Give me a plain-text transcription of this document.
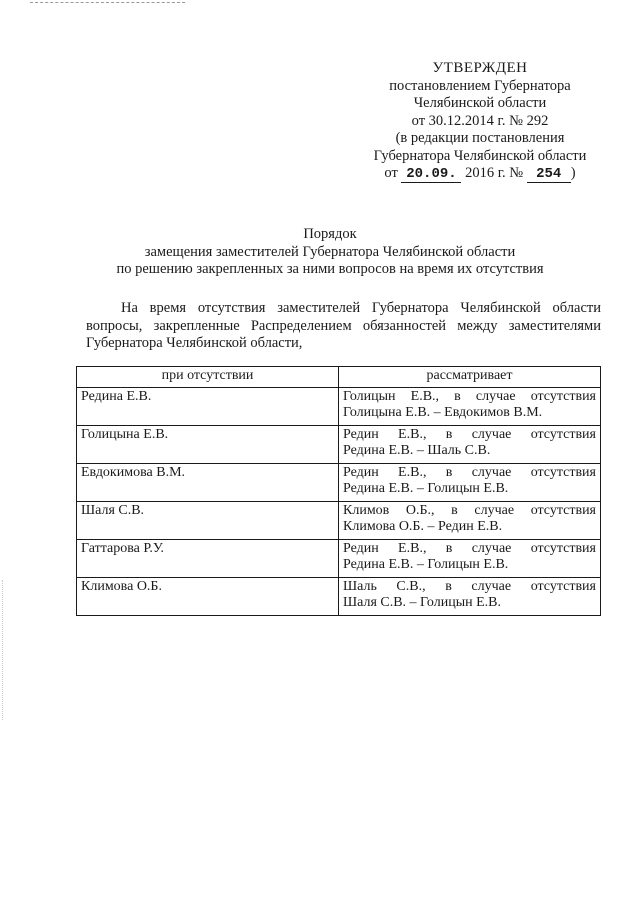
УТВЕРЖДЕН
постановлением Губернатора
Челябинской области
от 30.12.2014 г. № 292
(в редакции постановления
Губернатора Челябинской области
от 20.09. 2016 г. № 254 )
Порядок
замещения заместителей Губернатора Челябинской области
по решению закрепленных за ними вопросов на время их отсутствия
На время отсутствия заместителей Губернатора Челябинской области вопросы, закрепленные Распределением обязанностей между заместителями Губернатора Челябинской области,
при отсутствии	рассматривает
Редина Е.В.	Голицын Е.В., в случае отсутствия
Голицына Е.В. – Евдокимов В.М.

Голицына Е.В.	Редин Е.В., в случае отсутствия
Редина Е.В. – Шаль С.В.

Евдокимова В.М.	Редин Е.В., в случае отсутствия
Редина Е.В. – Голицын Е.В.

Шаля С.В.	Климов О.Б., в случае отсутствия
Климова О.Б. – Редин Е.В.

Гаттарова Р.У.	Редин Е.В., в случае отсутствия
Редина Е.В. – Голицын Е.В.

Климова О.Б.	Шаль С.В., в случае отсутствия
Шаля С.В. – Голицын Е.В.
